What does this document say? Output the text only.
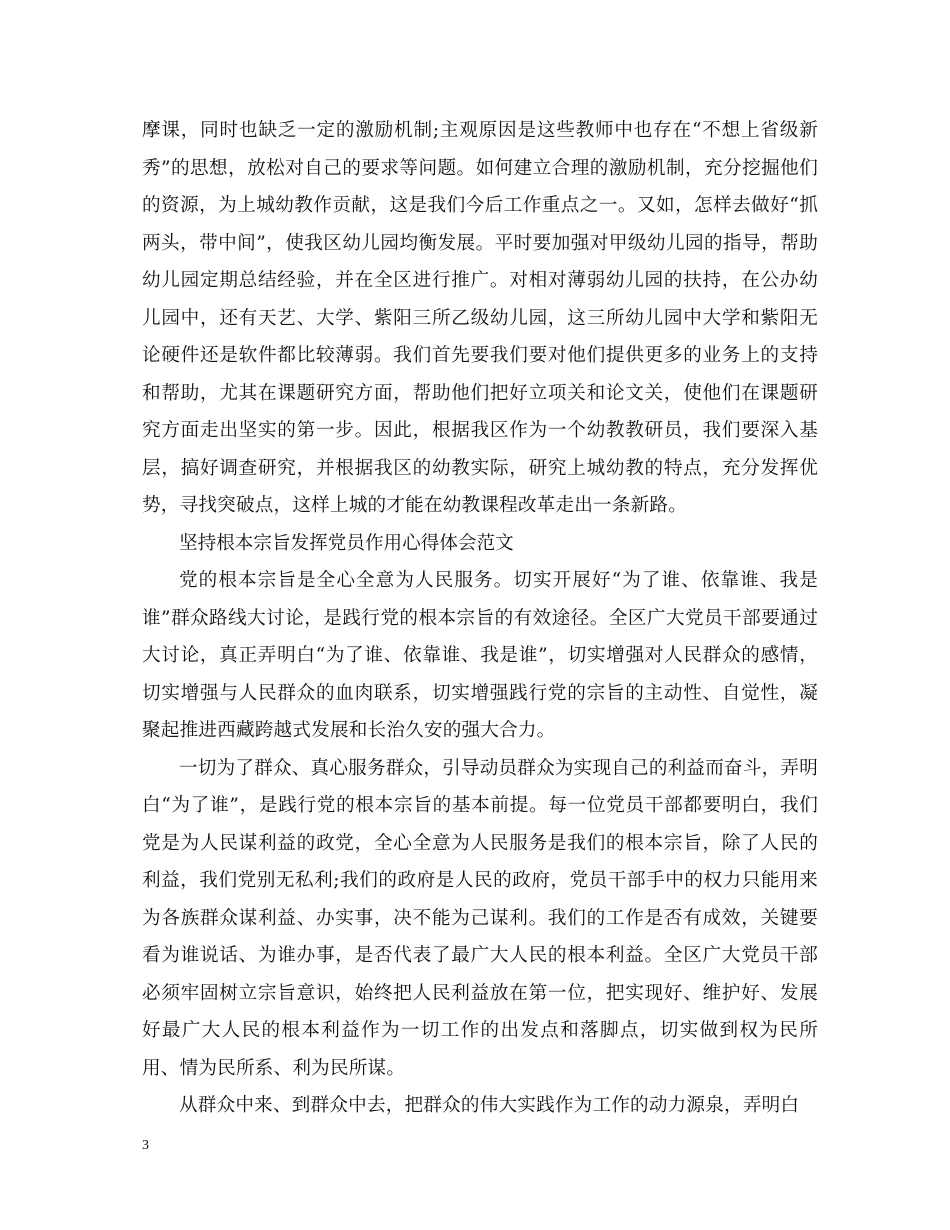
摩课，同时也缺乏一定的激励机制;主观原因是这些教师中也存在“不想上省级新秀”的思想，放松对自己的要求等问题。如何建立合理的激励机制，充分挖掘他们的资源，为上城幼教作贡献，这是我们今后工作重点之一。又如，怎样去做好“抓两头，带中间”，使我区幼儿园均衡发展。平时要加强对甲级幼儿园的指导，帮助幼儿园定期总结经验，并在全区进行推广。对相对薄弱幼儿园的扶持，在公办幼儿园中，还有天艺、大学、紫阳三所乙级幼儿园，这三所幼儿园中大学和紫阳无论硬件还是软件都比较薄弱。我们首先要我们要对他们提供更多的业务上的支持和帮助，尤其在课题研究方面，帮助他们把好立项关和论文关，使他们在课题研究方面走出坚实的第一步。因此，根据我区作为一个幼教教研员，我们要深入基层，搞好调查研究，并根据我区的幼教实际，研究上城幼教的特点，充分发挥优势，寻找突破点，这样上城的才能在幼教课程改革走出一条新路。

坚持根本宗旨发挥党员作用心得体会范文

党的根本宗旨是全心全意为人民服务。切实开展好“为了谁、依靠谁、我是谁”群众路线大讨论，是践行党的根本宗旨的有效途径。全区广大党员干部要通过大讨论，真正弄明白“为了谁、依靠谁、我是谁”，切实增强对人民群众的感情，切实增强与人民群众的血肉联系，切实增强践行党的宗旨的主动性、自觉性，凝聚起推进西藏跨越式发展和长治久安的强大合力。

一切为了群众、真心服务群众，引导动员群众为实现自己的利益而奋斗，弄明白“为了谁”，是践行党的根本宗旨的基本前提。每一位党员干部都要明白，我们党是为人民谋利益的政党，全心全意为人民服务是我们的根本宗旨，除了人民的利益，我们党别无私利;我们的政府是人民的政府，党员干部手中的权力只能用来为各族群众谋利益、办实事，决不能为己谋利。我们的工作是否有成效，关键要看为谁说话、为谁办事，是否代表了最广大人民的根本利益。全区广大党员干部必须牢固树立宗旨意识，始终把人民利益放在第一位，把实现好、维护好、发展好最广大人民的根本利益作为一切工作的出发点和落脚点，切实做到权为民所用、情为民所系、利为民所谋。

从群众中来、到群众中去，把群众的伟大实践作为工作的动力源泉，弄明白

3
